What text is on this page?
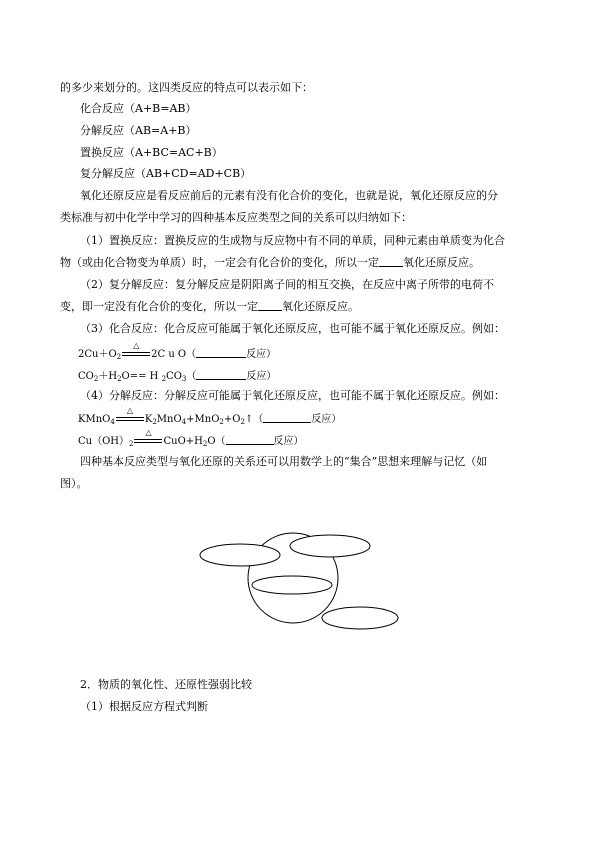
的多少来划分的。这四类反应的特点可以表示如下：
化合反应（A+B=AB）
分解反应（AB=A+B）
置换反应（A+BC=AC+B）
复分解反应（AB+CD=AD+CB）
氧化还原反应是看反应前后的元素有没有化合价的变化，也就是说，氧化还原反应的分
类标准与初中化学中学习的四种基本反应类型之间的关系可以归纳如下：
（1）置换反应：置换反应的生成物与反应物中有不同的单质，同种元素由单质变为化合
物（或由化合物变为单质）时，一定会有化合价的变化，所以一定 氧化还原反应。
（2）复分解反应：复分解反应是阴阳离子间的相互交换，在反应中离子所带的电荷不
变，即一定没有化合价的变化，所以一定 氧化还原反应。
（3）化合反应：化合反应可能属于氧化还原反应，也可能不属于氧化还原反应。例如：
$2Cu+O_2$
△
2C u O（	反应）
$CO_2+H_2O== H$ $_2CO_3$（	反应）
（4）分解反应：分解反应可能属于氧化还原反应，也可能不属于氧化还原反应。例如：
KMnO$_4$
△
$K_2MnO_4+MnO_2+O_2↑$（	反应）
$Cu(OH)_2$
△
$CuO+H_2O$（	反应）
四种基本反应类型与氧化还原的关系还可以用数学上的“集合”思想来理解与记忆（如
图）。
2．物质的氧化性、还原性强弱比较
（1）根据反应方程式判断
